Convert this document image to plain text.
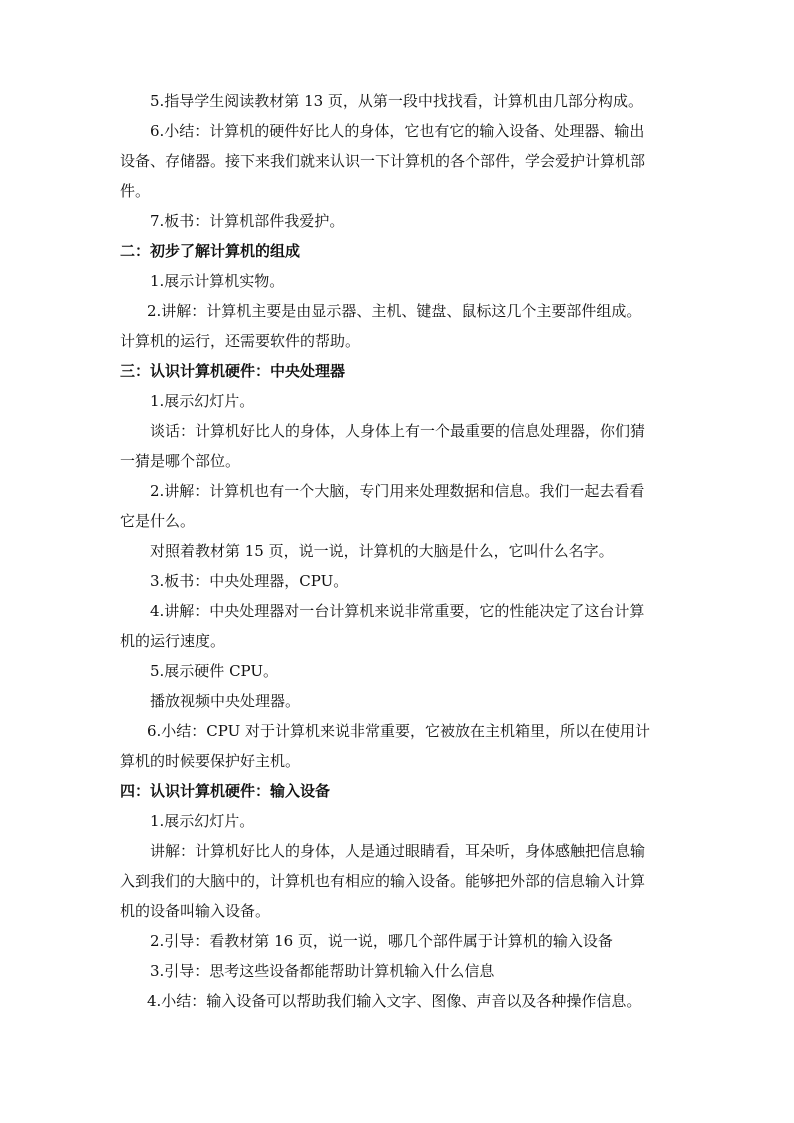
5.指导学生阅读教材第 13 页，从第一段中找找看，计算机由几部分构成。
6.小结：计算机的硬件好比人的身体，它也有它的输入设备、处理器、输出
设备、存储器。接下来我们就来认识一下计算机的各个部件，学会爱护计算机部
件。
7.板书：计算机部件我爱护。
二：初步了解计算机的组成
1.展示计算机实物。
2.讲解：计算机主要是由显示器、主机、键盘、鼠标这几个主要部件组成。
计算机的运行，还需要软件的帮助。
三：认识计算机硬件：中央处理器
1.展示幻灯片。
谈话：计算机好比人的身体，人身体上有一个最重要的信息处理器，你们猜
一猜是哪个部位。
2.讲解：计算机也有一个大脑，专门用来处理数据和信息。我们一起去看看
它是什么。
对照着教材第 15 页，说一说，计算机的大脑是什么，它叫什么名字。
3.板书：中央处理器，CPU。
4.讲解：中央处理器对一台计算机来说非常重要，它的性能决定了这台计算
机的运行速度。
5.展示硬件 CPU。
播放视频中央处理器。
6.小结：CPU 对于计算机来说非常重要，它被放在主机箱里，所以在使用计
算机的时候要保护好主机。
四：认识计算机硬件：输入设备
1.展示幻灯片。
讲解：计算机好比人的身体，人是通过眼睛看，耳朵听，身体感触把信息输
入到我们的大脑中的，计算机也有相应的输入设备。能够把外部的信息输入计算
机的设备叫输入设备。
2.引导：看教材第 16 页，说一说，哪几个部件属于计算机的输入设备
3.引导：思考这些设备都能帮助计算机输入什么信息
4.小结：输入设备可以帮助我们输入文字、图像、声音以及各种操作信息。
